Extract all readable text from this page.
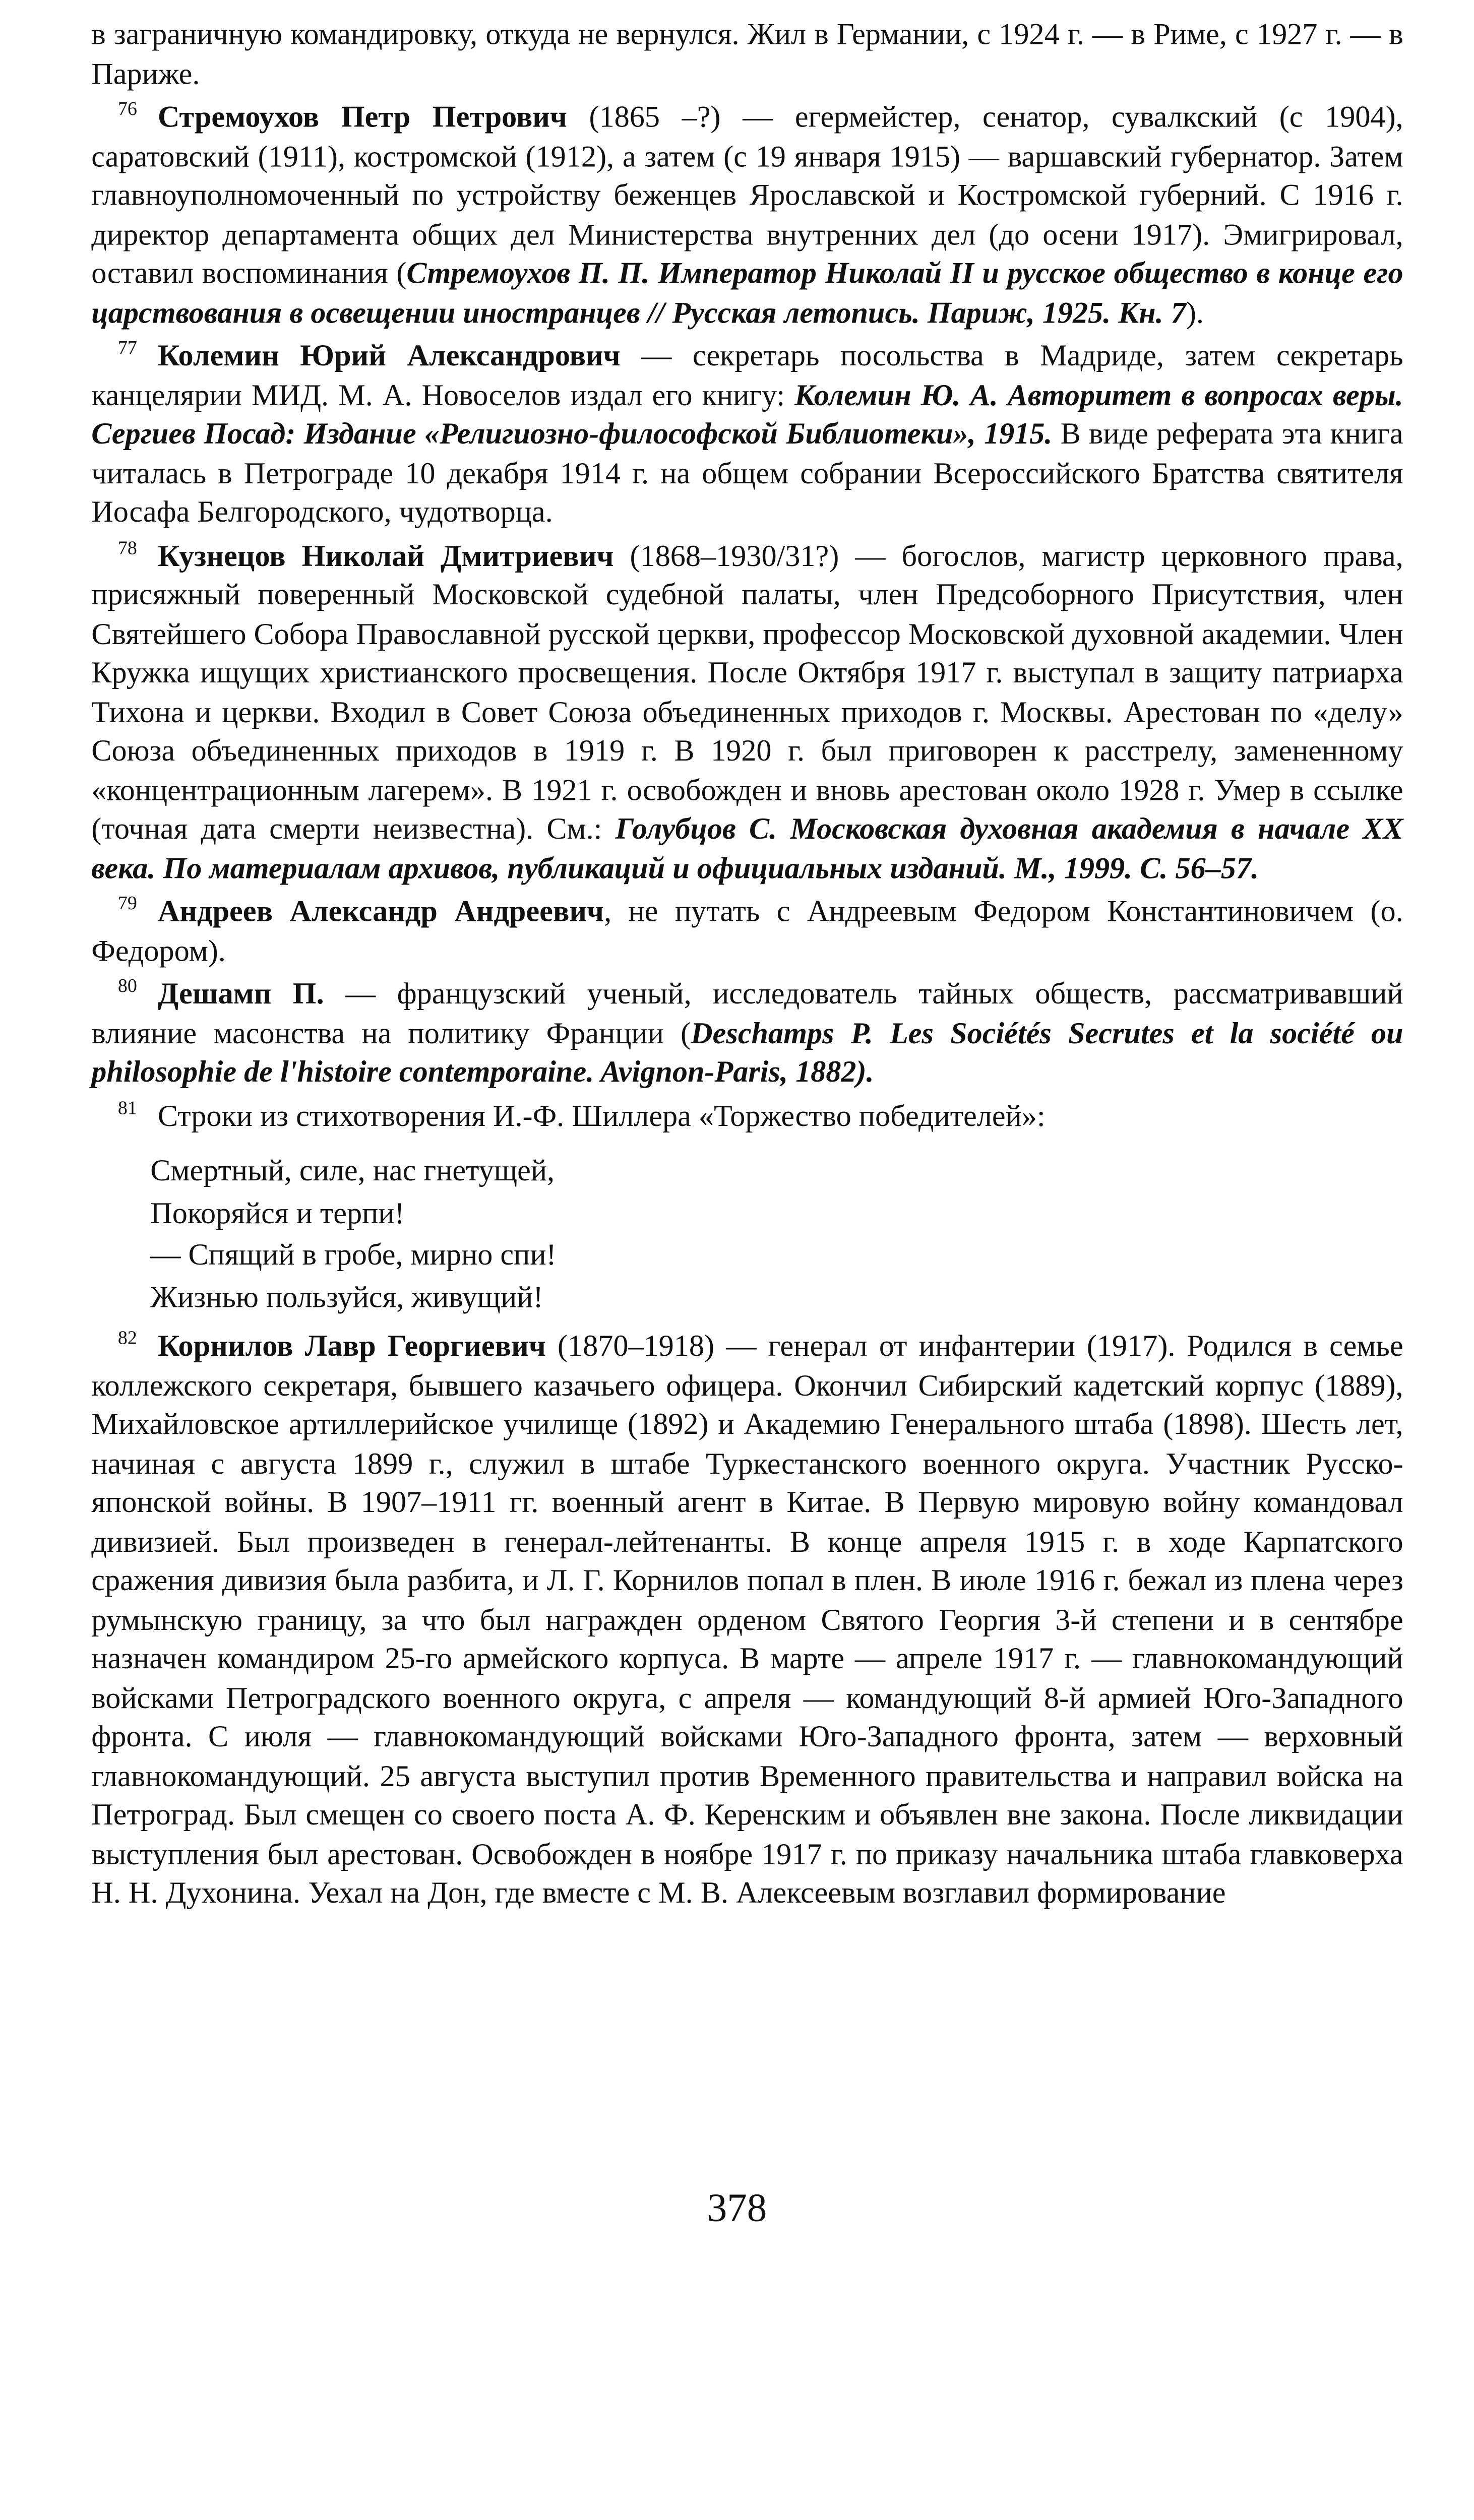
в заграничную командировку, откуда не вернулся. Жил в Германии, с 1924 г. — в Риме, с 1927 г. — в Париже.

$^{76}$ Стремоухов Петр Петрович (1865 –?) — егермейстер, сенатор, сувалкский (с 1904), саратовский (1911), костромской (1912), а затем (с 19 января 1915) — варшавский губернатор. Затем главноуполномоченный по устройству беженцев Ярославской и Костромской губерний. С 1916 г. директор департамента общих дел Министерства внутренних дел (до осени 1917). Эмигрировал, оставил воспоминания (Стремоухов П. П. Император Николай II и русское общество в конце его царствования в освещении иностранцев // Русская летопись. Париж, 1925. Кн. 7).

$^{77}$ Колемин Юрий Александрович — секретарь посольства в Мадриде, затем секретарь канцелярии МИД. М. А. Новоселов издал его книгу: Колемин Ю. А. Авторитет в вопросах веры. Сергиев Посад: Издание «Религиозно-философской Библиотеки», 1915. В виде реферата эта книга читалась в Петрограде 10 декабря 1914 г. на общем собрании Всероссийского Братства святителя Иосафа Белгородского, чудотворца.

$^{78}$ Кузнецов Николай Дмитриевич (1868–1930/31?) — богослов, магистр церковного права, присяжный поверенный Московской судебной палаты, член Предсоборного Присутствия, член Святейшего Собора Православной русской церкви, профессор Московской духовной академии. Член Кружка ищущих христианского просвещения. После Октября 1917 г. выступал в защиту патриарха Тихона и церкви. Входил в Совет Союза объединенных приходов г. Москвы. Арестован по «делу» Союза объединенных приходов в 1919 г. В 1920 г. был приговорен к расстрелу, замененному «концентрационным лагерем». В 1921 г. освобожден и вновь арестован около 1928 г. Умер в ссылке (точная дата смерти неизвестна). См.: Голубцов С. Московская духовная академия в начале XX века. По материалам архивов, публикаций и официальных изданий. М., 1999. С. 56–57.

$^{79}$ Андреев Александр Андреевич, не путать с Андреевым Федором Константиновичем (о. Федором).

$^{80}$ Дешамп П. — французский ученый, исследователь тайных обществ, рассматривавший влияние масонства на политику Франции (Deschamps P. Les Sociétés Secrutes et la société ou philosophie de l'histoire contemporaine. Avignon-Paris, 1882).

$^{81}$ Строки из стихотворения И.-Ф. Шиллера «Торжество победителей»:

Смертный, силе, нас гнетущей,
Покоряйся и терпи!
— Спящий в гробе, мирно спи!
Жизнью пользуйся, живущий!

$^{82}$ Корнилов Лавр Георгиевич (1870–1918) — генерал от инфантерии (1917). Родился в семье коллежского секретаря, бывшего казачьего офицера. Окончил Сибирский кадетский корпус (1889), Михайловское артиллерийское училище (1892) и Академию Генерального штаба (1898). Шесть лет, начиная с августа 1899 г., служил в штабе Туркестанского военного округа. Участник Русско-японской войны. В 1907–1911 гг. военный агент в Китае. В Первую мировую войну командовал дивизией. Был произведен в генерал-лейтенанты. В конце апреля 1915 г. в ходе Карпатского сражения дивизия была разбита, и Л. Г. Корнилов попал в плен. В июле 1916 г. бежал из плена через румынскую границу, за что был награжден орденом Святого Георгия 3-й степени и в сентябре назначен командиром 25-го армейского корпуса. В марте — апреле 1917 г. — главнокомандующий войсками Петроградского военного округа, с апреля — командующий 8-й армией Юго-Западного фронта. С июля — главнокомандующий войсками Юго-Западного фронта, затем — верховный главнокомандующий. 25 августа выступил против Временного правительства и направил войска на Петроград. Был смещен со своего поста А. Ф. Керенским и объявлен вне закона. После ликвидации выступления был арестован. Освобожден в ноябре 1917 г. по приказу начальника штаба главковерха Н. Н. Духонина. Уехал на Дон, где вместе с М. В. Алексеевым возглавил формирование

378
